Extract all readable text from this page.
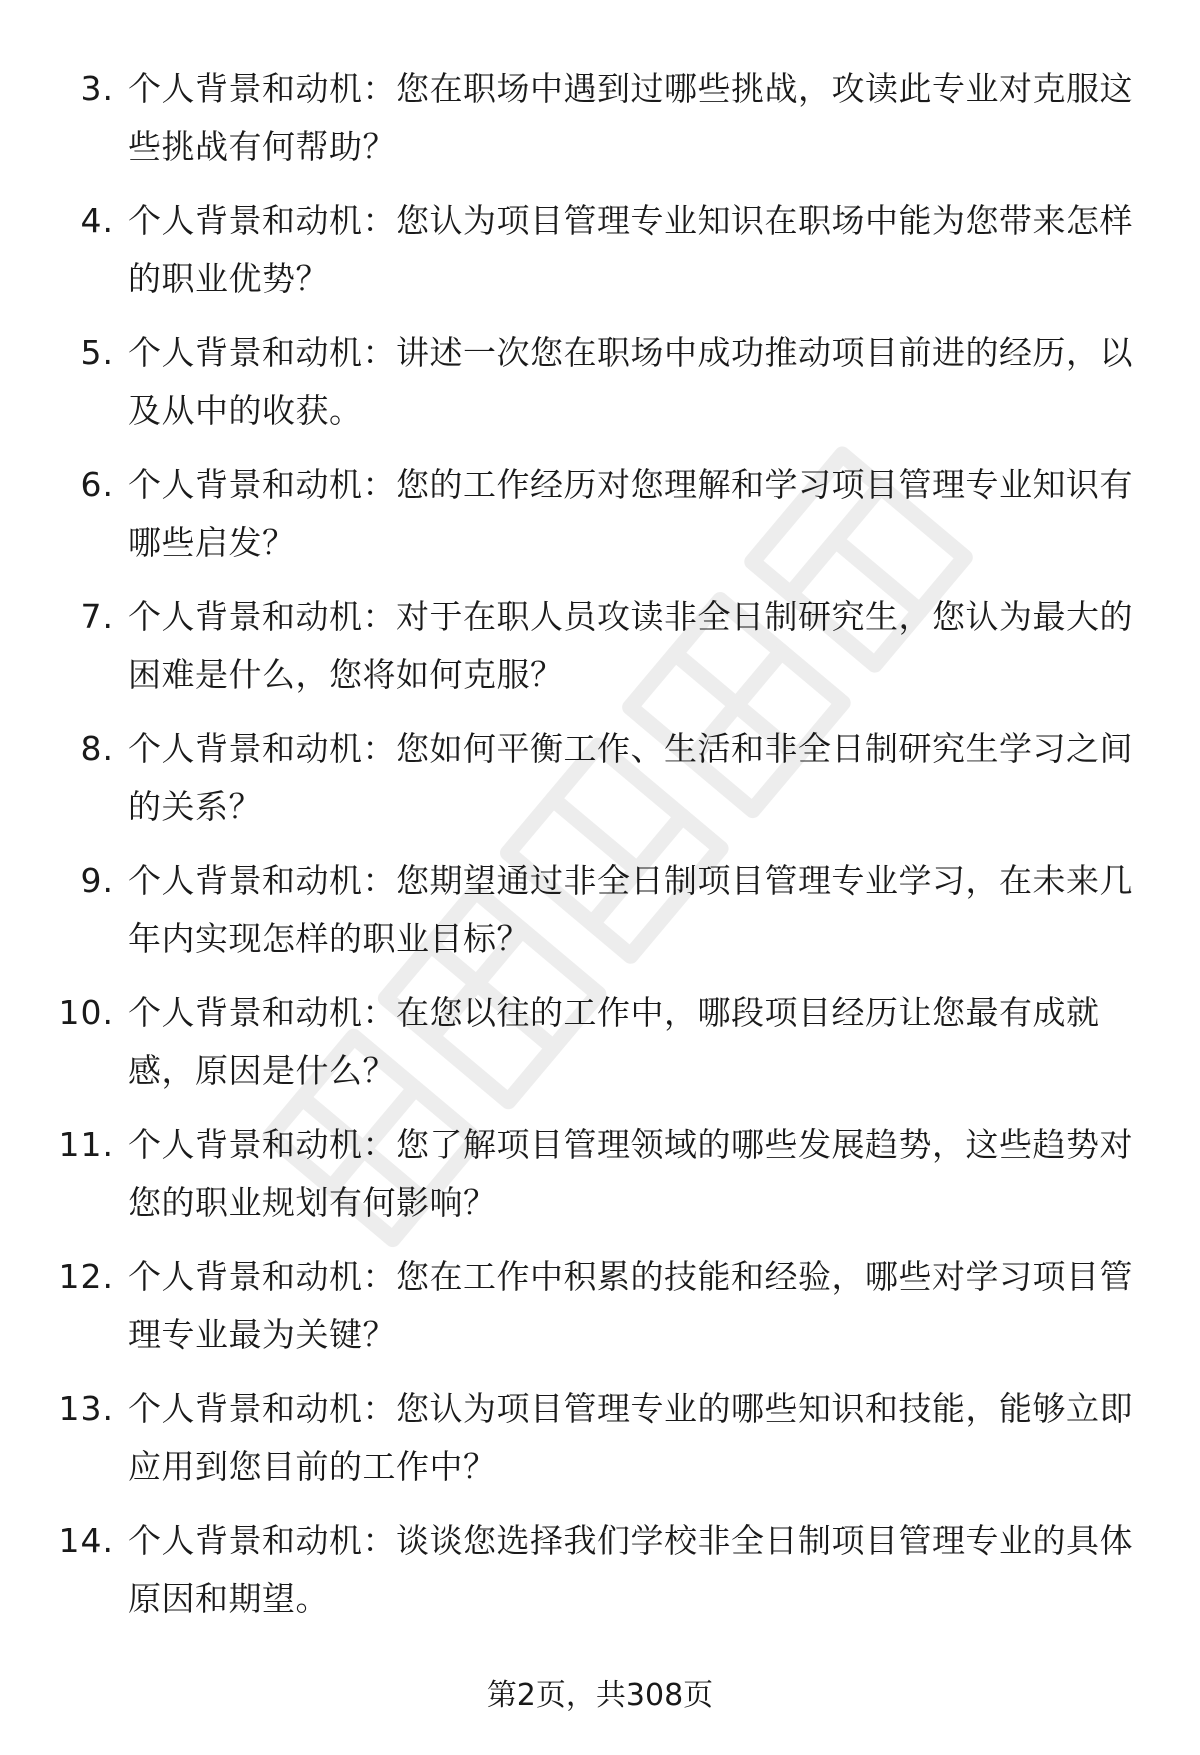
3. 个人背景和动机：您在职场中遇到过哪些挑战，攻读此专业对克服这些挑战有何帮助？
4. 个人背景和动机：您认为项目管理专业知识在职场中能为您带来怎样的职业优势？
5. 个人背景和动机：讲述一次您在职场中成功推动项目前进的经历，以及从中的收获。
6. 个人背景和动机：您的工作经历对您理解和学习项目管理专业知识有哪些启发？
7. 个人背景和动机：对于在职人员攻读非全日制研究生，您认为最大的困难是什么，您将如何克服？
8. 个人背景和动机：您如何平衡工作、生活和非全日制研究生学习之间的关系？
9. 个人背景和动机：您期望通过非全日制项目管理专业学习，在未来几年内实现怎样的职业目标？
10. 个人背景和动机：在您以往的工作中，哪段项目经历让您最有成就感，原因是什么？
11. 个人背景和动机：您了解项目管理领域的哪些发展趋势，这些趋势对您的职业规划有何影响？
12. 个人背景和动机：您在工作中积累的技能和经验，哪些对学习项目管理专业最为关键？
13. 个人背景和动机：您认为项目管理专业的哪些知识和技能，能够立即应用到您目前的工作中？
14. 个人背景和动机：谈谈您选择我们学校非全日制项目管理专业的具体原因和期望。
第2页，共308页
